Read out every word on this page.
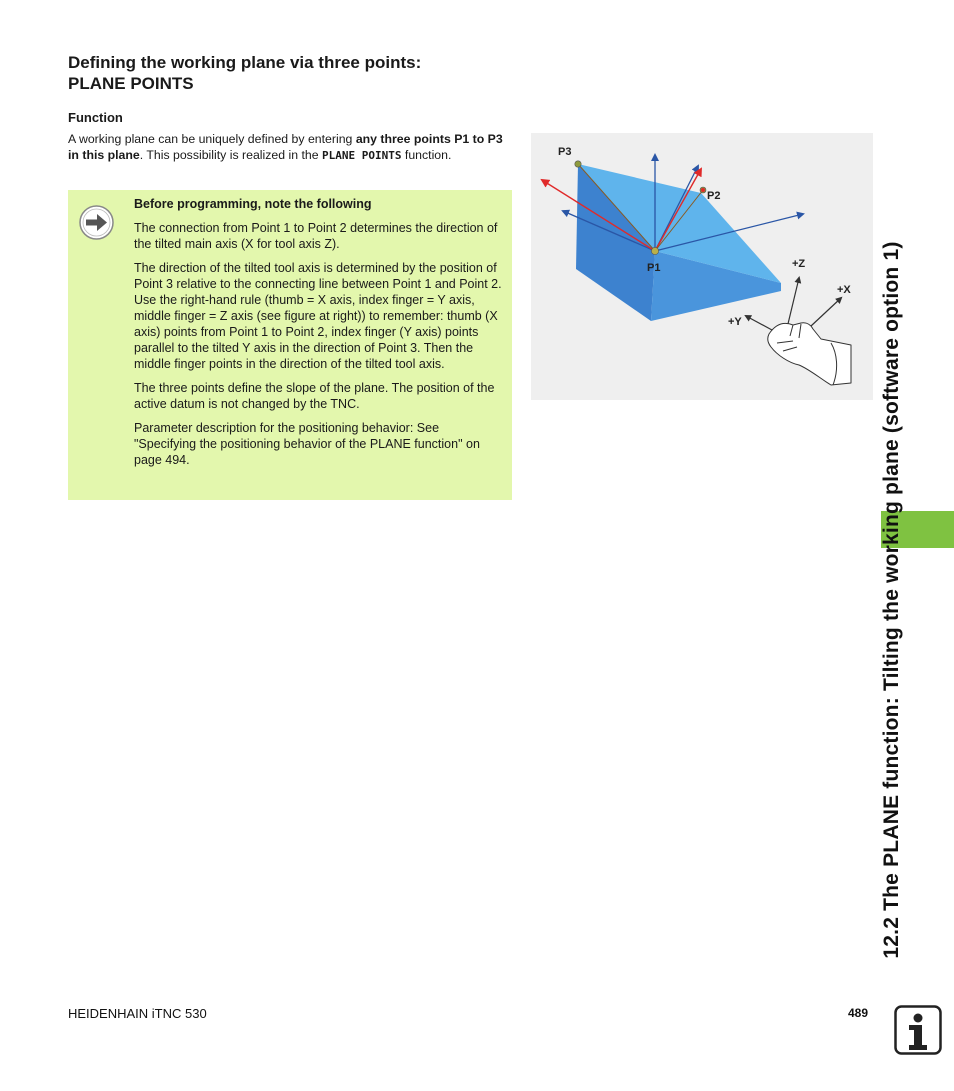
Defining the working plane via three points:
PLANE POINTS
Function

A working plane can be uniquely defined by entering any three points P1 to P3 in this plane. This possibility is realized in the PLANE POINTS function.

Before programming, note the following

The connection from Point 1 to Point 2 determines the direction of the tilted main axis (X for tool axis Z).

The direction of the tilted tool axis is determined by the position of Point 3 relative to the connecting line between Point 1 and Point 2. Use the right-hand rule (thumb = X axis, index finger = Y axis, middle finger = Z axis (see figure at right)) to remember: thumb (X axis) points from Point 1 to Point 2, index finger (Y axis) points parallel to the tilted Y axis in the direction of Point 3. Then the middle finger points in the direction of the tilted tool axis.

The three points define the slope of the plane. The position of the active datum is not changed by the TNC.

Parameter description for the positioning behavior: See "Specifying the positioning behavior of the PLANE function" on page 494.

P3
P2
P1	+Z
+X
+Y	12.2 The PLANE function: Tilting the working plane (software option 1)
HEIDENHAIN iTNC 530	489
